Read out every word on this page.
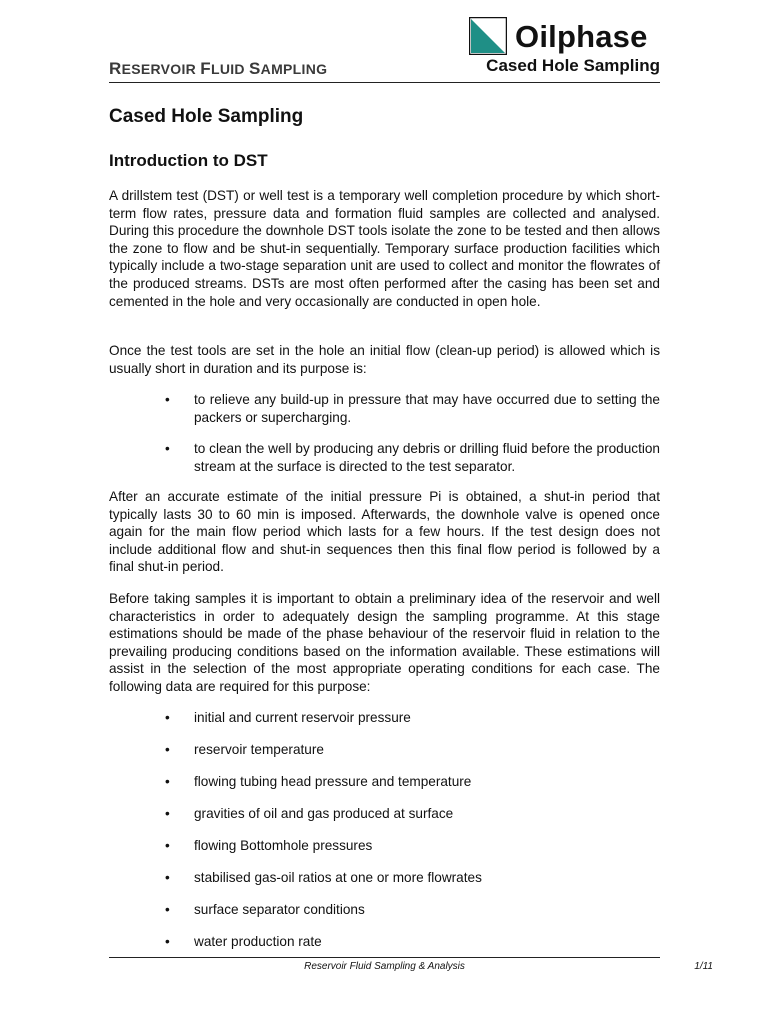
Oilphase
RESERVOIR FLUID SAMPLING	Cased Hole Sampling
Cased Hole Sampling
Introduction to DST

A drillstem test (DST) or well test is a temporary well completion procedure by which short-term flow rates, pressure data and formation fluid samples are collected and analysed. During this procedure the downhole DST tools isolate the zone to be tested and then allows the zone to flow and be shut-in sequentially. Temporary surface production facilities which typically include a two-stage separation unit are used to collect and monitor the flowrates of the produced streams. DSTs are most often performed after the casing has been set and cemented in the hole and very occasionally are conducted in open hole.

Once the test tools are set in the hole an initial flow (clean-up period) is allowed which is usually short in duration and its purpose is:

• to relieve any build-up in pressure that may have occurred due to setting the packers or supercharging.
• to clean the well by producing any debris or drilling fluid before the production stream at the surface is directed to the test separator.

After an accurate estimate of the initial pressure Pi is obtained, a shut-in period that typically lasts 30 to 60 min is imposed. Afterwards, the downhole valve is opened once again for the main flow period which lasts for a few hours. If the test design does not include additional flow and shut-in sequences then this final flow period is followed by a final shut-in period.

Before taking samples it is important to obtain a preliminary idea of the reservoir and well characteristics in order to adequately design the sampling programme. At this stage estimations should be made of the phase behaviour of the reservoir fluid in relation to the prevailing producing conditions based on the information available. These estimations will assist in the selection of the most appropriate operating conditions for each case. The following data are required for this purpose:

• initial and current reservoir pressure
• reservoir temperature
• flowing tubing head pressure and temperature
• gravities of oil and gas produced at surface
• flowing Bottomhole pressures
• stabilised gas-oil ratios at one or more flowrates
• surface separator conditions
• water production rate
Reservoir Fluid Sampling & Analysis	1/11
